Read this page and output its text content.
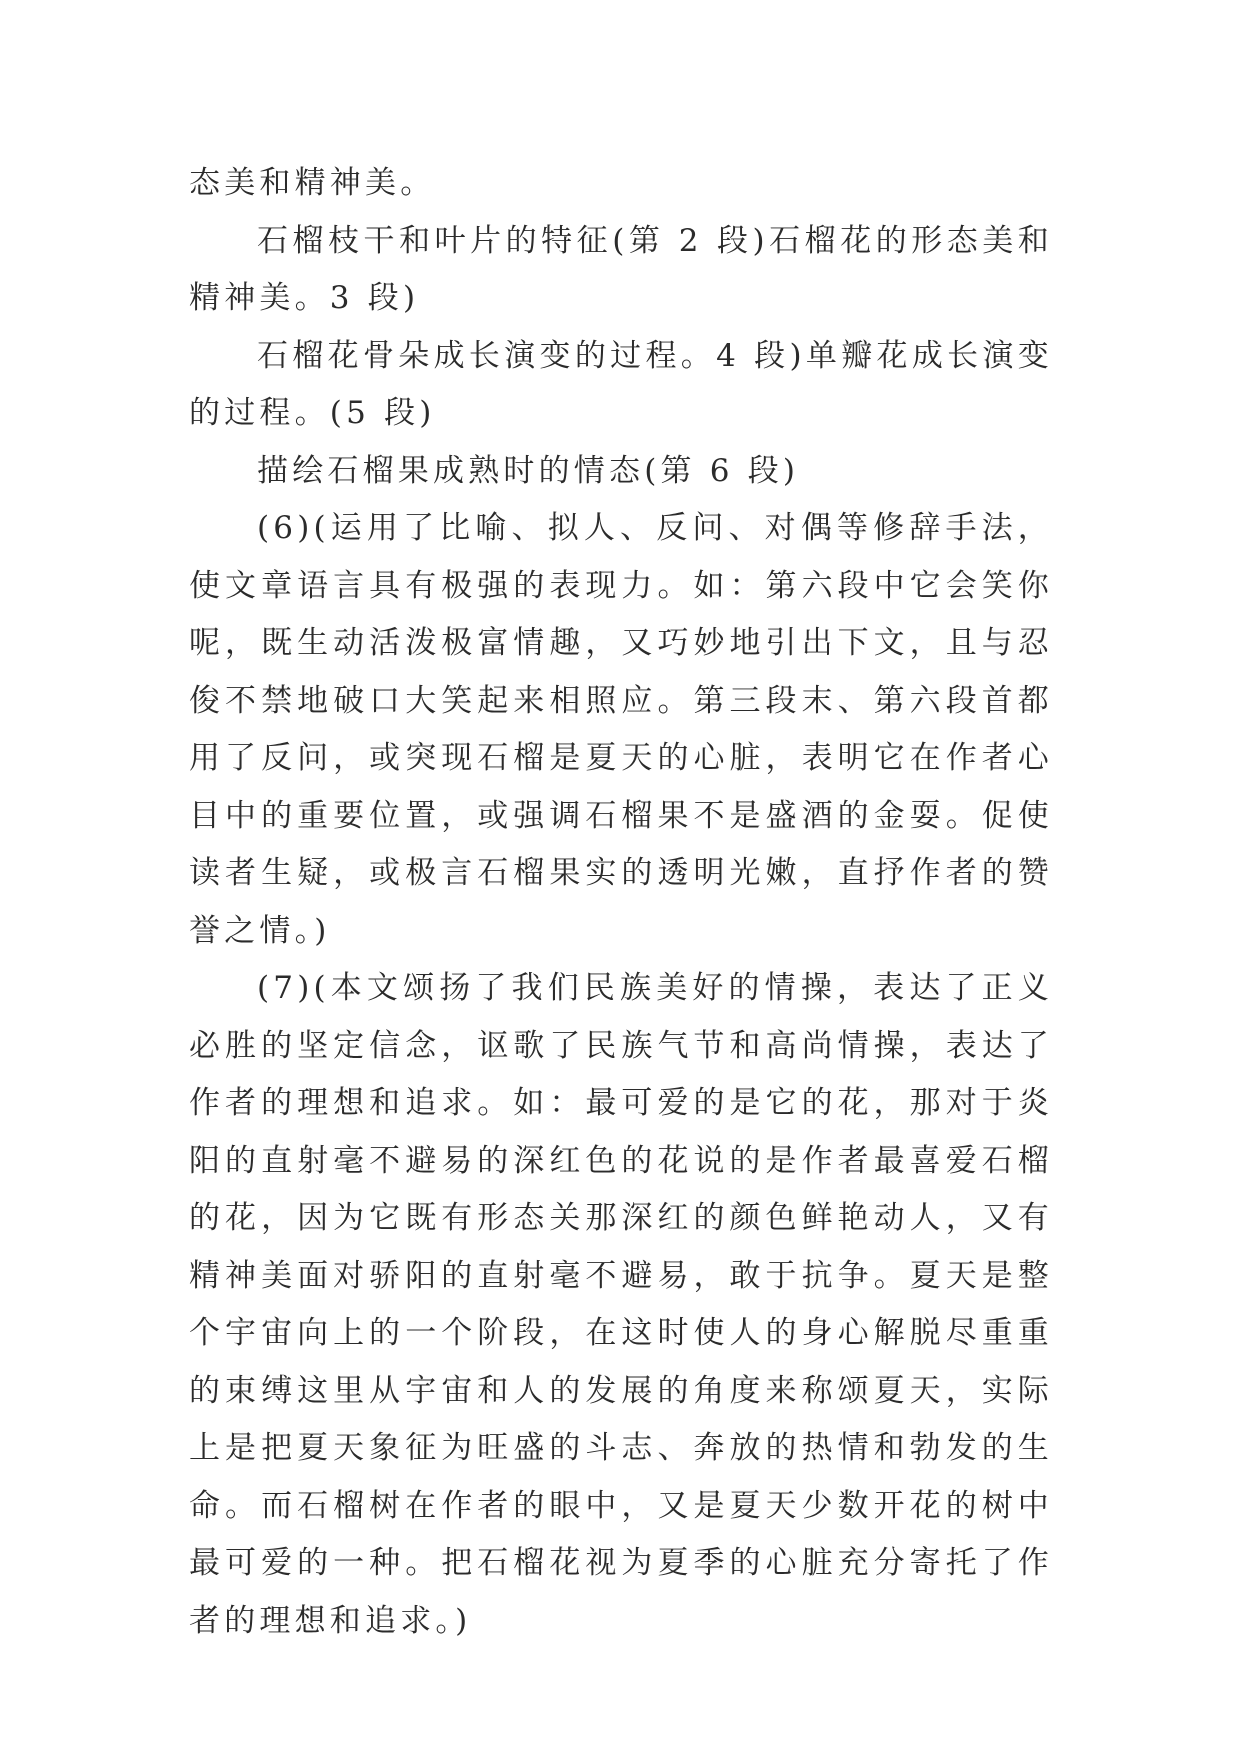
态美和精神美。

石榴枝干和叶片的特征(第 2 段)石榴花的形态美和精神美。3 段)

石榴花骨朵成长演变的过程。4 段)单瓣花成长演变的过程。(5 段)

描绘石榴果成熟时的情态(第 6 段)

(6)(运用了比喻、拟人、反问、对偶等修辞手法，使文章语言具有极强的表现力。如：第六段中它会笑你呢，既生动活泼极富情趣，又巧妙地引出下文，且与忍俊不禁地破口大笑起来相照应。第三段末、第六段首都用了反问，或突现石榴是夏天的心脏，表明它在作者心目中的重要位置，或强调石榴果不是盛酒的金耍。促使读者生疑，或极言石榴果实的透明光嫩，直抒作者的赞誉之情。)

(7)(本文颂扬了我们民族美好的情操，表达了正义必胜的坚定信念，讴歌了民族气节和高尚情操，表达了作者的理想和追求。如：最可爱的是它的花，那对于炎阳的直射毫不避易的深红色的花说的是作者最喜爱石榴的花，因为它既有形态关那深红的颜色鲜艳动人，又有精神美面对骄阳的直射毫不避易，敢于抗争。夏天是整个宇宙向上的一个阶段，在这时使人的身心解脱尽重重的束缚这里从宇宙和人的发展的角度来称颂夏天，实际上是把夏天象征为旺盛的斗志、奔放的热情和勃发的生命。而石榴树在作者的眼中，又是夏天少数开花的树中最可爱的一种。把石榴花视为夏季的心脏充分寄托了作者的理想和追求。)
